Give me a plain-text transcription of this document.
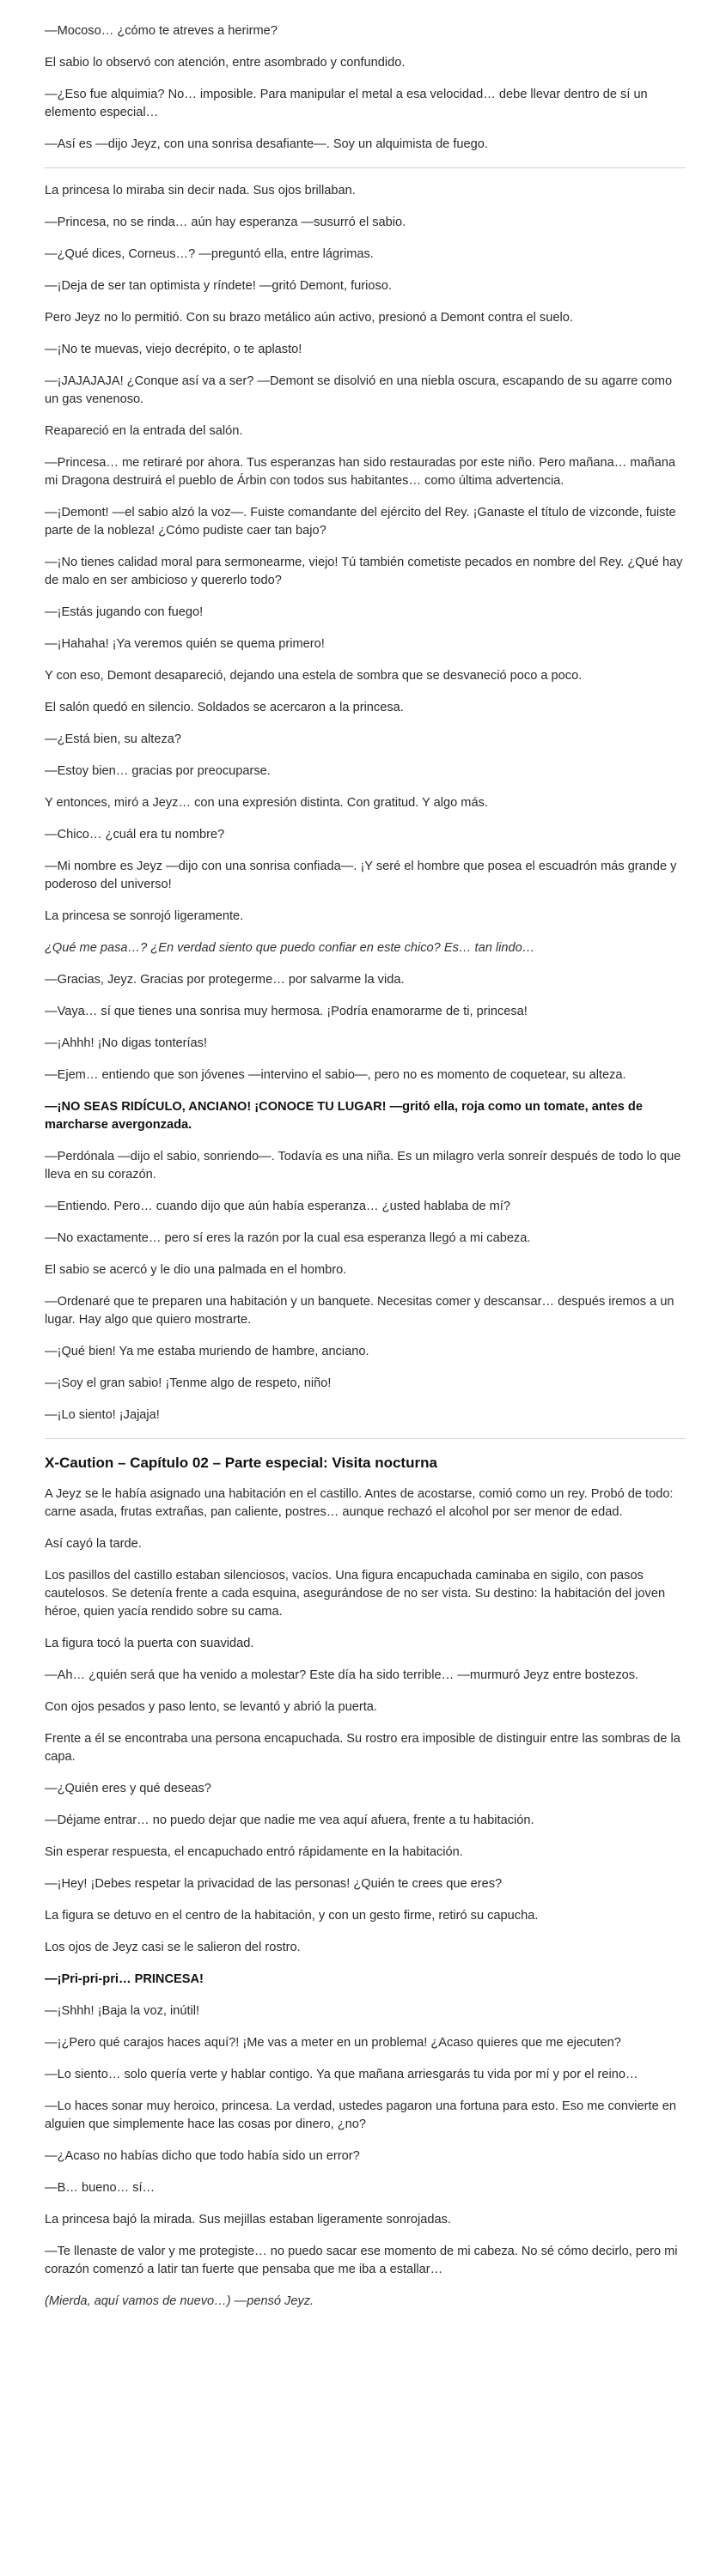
—Mocoso… ¿cómo te atreves a herirme?

El sabio lo observó con atención, entre asombrado y confundido.

—¿Eso fue alquimia? No… imposible. Para manipular el metal a esa velocidad… debe llevar dentro de sí un elemento especial…

—Así es —dijo Jeyz, con una sonrisa desafiante—. Soy un alquimista de fuego.

La princesa lo miraba sin decir nada. Sus ojos brillaban.

—Princesa, no se rinda… aún hay esperanza —susurró el sabio.

—¿Qué dices, Corneus…? —preguntó ella, entre lágrimas.

—¡Deja de ser tan optimista y ríndete! —gritó Demont, furioso.

Pero Jeyz no lo permitió. Con su brazo metálico aún activo, presionó a Demont contra el suelo.

—¡No te muevas, viejo decrépito, o te aplasto!

—¡JAJAJAJA! ¿Conque así va a ser? —Demont se disolvió en una niebla oscura, escapando de su agarre como un gas venenoso.

Reapareció en la entrada del salón.

—Princesa… me retiraré por ahora. Tus esperanzas han sido restauradas por este niño. Pero mañana… mañana mi Dragona destruirá el pueblo de Árbin con todos sus habitantes… como última advertencia.

—¡Demont! —el sabio alzó la voz—. Fuiste comandante del ejército del Rey. ¡Ganaste el título de vizconde, fuiste parte de la nobleza! ¿Cómo pudiste caer tan bajo?

—¡No tienes calidad moral para sermonearme, viejo! Tú también cometiste pecados en nombre del Rey. ¿Qué hay de malo en ser ambicioso y quererlo todo?

—¡Estás jugando con fuego!

—¡Hahaha! ¡Ya veremos quién se quema primero!

Y con eso, Demont desapareció, dejando una estela de sombra que se desvaneció poco a poco.

El salón quedó en silencio. Soldados se acercaron a la princesa.

—¿Está bien, su alteza?

—Estoy bien… gracias por preocuparse.

Y entonces, miró a Jeyz… con una expresión distinta. Con gratitud. Y algo más.

—Chico… ¿cuál era tu nombre?

—Mi nombre es Jeyz —dijo con una sonrisa confiada—. ¡Y seré el hombre que posea el escuadrón más grande y poderoso del universo!

La princesa se sonrojó ligeramente.

¿Qué me pasa…? ¿En verdad siento que puedo confiar en este chico? Es… tan lindo…

—Gracias, Jeyz. Gracias por protegerme… por salvarme la vida.

—Vaya… sí que tienes una sonrisa muy hermosa. ¡Podría enamorarme de ti, princesa!

—¡Ahhh! ¡No digas tonterías!

—Ejem… entiendo que son jóvenes —intervino el sabio—, pero no es momento de coquetear, su alteza.

—¡NO SEAS RIDÍCULO, ANCIANO! ¡CONOCE TU LUGAR! —gritó ella, roja como un tomate, antes de marcharse avergonzada.

—Perdónala —dijo el sabio, sonriendo—. Todavía es una niña. Es un milagro verla sonreír después de todo lo que lleva en su corazón.

—Entiendo. Pero… cuando dijo que aún había esperanza… ¿usted hablaba de mí?

—No exactamente… pero sí eres la razón por la cual esa esperanza llegó a mi cabeza.

El sabio se acercó y le dio una palmada en el hombro.

—Ordenaré que te preparen una habitación y un banquete. Necesitas comer y descansar… después iremos a un lugar. Hay algo que quiero mostrarte.

—¡Qué bien! Ya me estaba muriendo de hambre, anciano.

—¡Soy el gran sabio! ¡Tenme algo de respeto, niño!

—¡Lo siento! ¡Jajaja!

X-Caution – Capítulo 02 – Parte especial: Visita nocturna

A Jeyz se le había asignado una habitación en el castillo. Antes de acostarse, comió como un rey. Probó de todo: carne asada, frutas extrañas, pan caliente, postres… aunque rechazó el alcohol por ser menor de edad.

Así cayó la tarde.

Los pasillos del castillo estaban silenciosos, vacíos. Una figura encapuchada caminaba en sigilo, con pasos cautelosos. Se detenía frente a cada esquina, asegurándose de no ser vista. Su destino: la habitación del joven héroe, quien yacía rendido sobre su cama.

La figura tocó la puerta con suavidad.

—Ah… ¿quién será que ha venido a molestar? Este día ha sido terrible… —murmuró Jeyz entre bostezos.

Con ojos pesados y paso lento, se levantó y abrió la puerta.

Frente a él se encontraba una persona encapuchada. Su rostro era imposible de distinguir entre las sombras de la capa.

—¿Quién eres y qué deseas?

—Déjame entrar… no puedo dejar que nadie me vea aquí afuera, frente a tu habitación.

Sin esperar respuesta, el encapuchado entró rápidamente en la habitación.

—¡Hey! ¡Debes respetar la privacidad de las personas! ¿Quién te crees que eres?

La figura se detuvo en el centro de la habitación, y con un gesto firme, retiró su capucha.

Los ojos de Jeyz casi se le salieron del rostro.

—¡Pri-pri-pri… PRINCESA!

—¡Shhh! ¡Baja la voz, inútil!

—¡¿Pero qué carajos haces aquí?! ¡Me vas a meter en un problema! ¿Acaso quieres que me ejecuten?

—Lo siento… solo quería verte y hablar contigo. Ya que mañana arriesgarás tu vida por mí y por el reino…

—Lo haces sonar muy heroico, princesa. La verdad, ustedes pagaron una fortuna para esto. Eso me convierte en alguien que simplemente hace las cosas por dinero, ¿no?

—¿Acaso no habías dicho que todo había sido un error?

—B… bueno… sí…

La princesa bajó la mirada. Sus mejillas estaban ligeramente sonrojadas.

—Te llenaste de valor y me protegiste… no puedo sacar ese momento de mi cabeza. No sé cómo decirlo, pero mi corazón comenzó a latir tan fuerte que pensaba que me iba a estallar…

(Mierda, aquí vamos de nuevo…) —pensó Jeyz.
